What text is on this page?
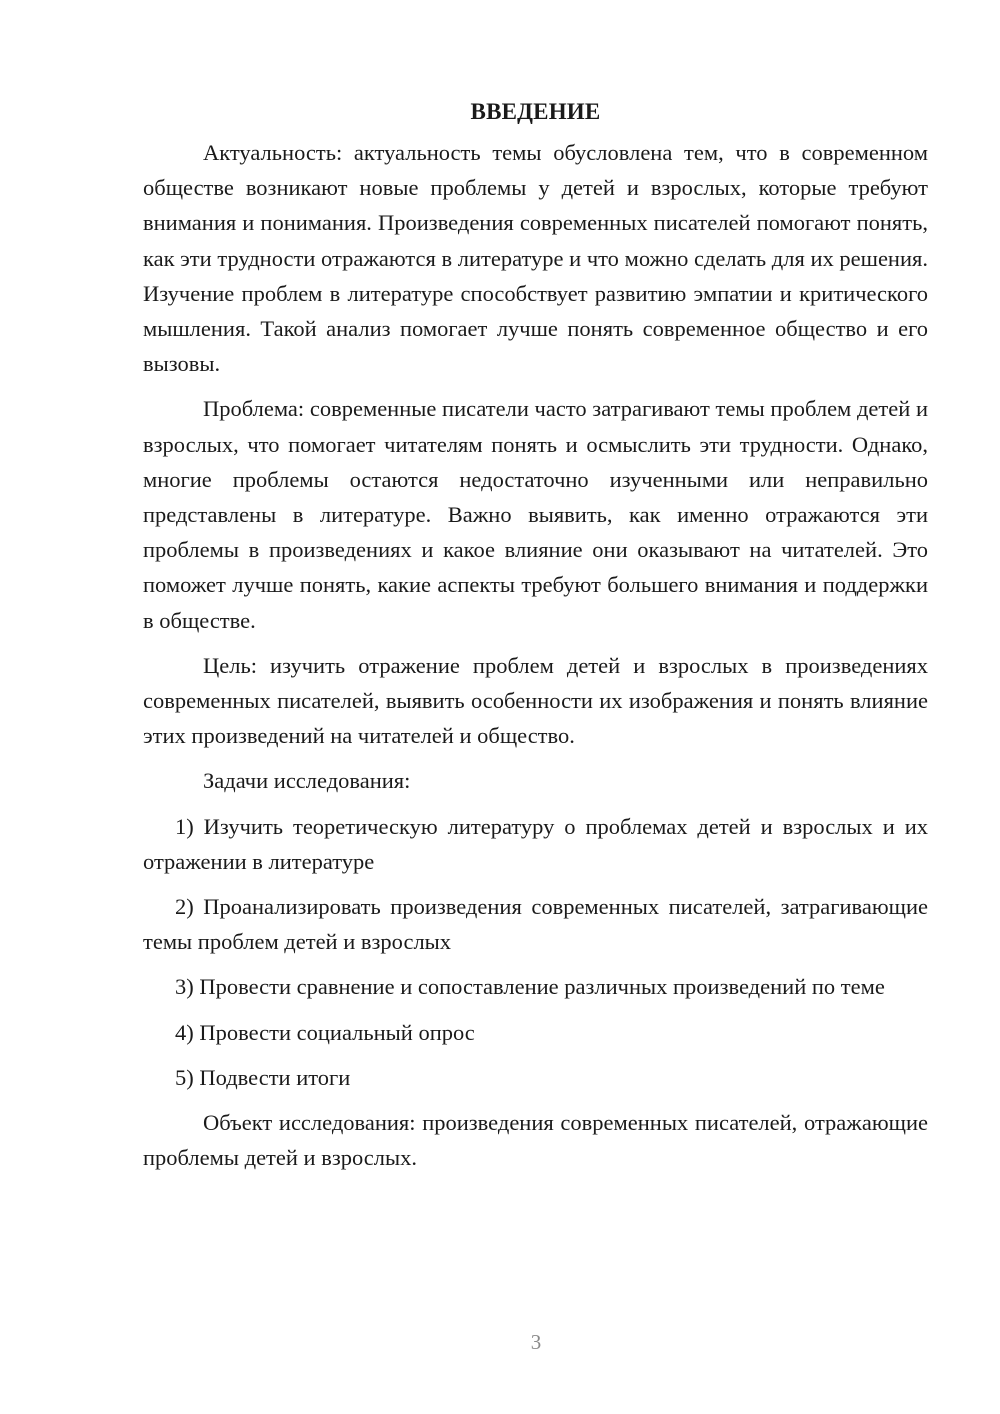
ВВЕДЕНИЕ

Актуальность: актуальность темы обусловлена тем, что в современном обществе возникают новые проблемы у детей и взрослых, которые требуют внимания и понимания. Произведения современных писателей помогают понять, как эти трудности отражаются в литературе и что можно сделать для их решения. Изучение проблем в литературе способствует развитию эмпатии и критического мышления. Такой анализ помогает лучше понять современное общество и его вызовы.

Проблема: современные писатели часто затрагивают темы проблем детей и взрослых, что помогает читателям понять и осмыслить эти трудности. Однако, многие проблемы остаются недостаточно изученными или неправильно представлены в литературе. Важно выявить, как именно отражаются эти проблемы в произведениях и какое влияние они оказывают на читателей. Это поможет лучше понять, какие аспекты требуют большего внимания и поддержки в обществе.

Цель: изучить отражение проблем детей и взрослых в произведениях современных писателей, выявить особенности их изображения и понять влияние этих произведений на читателей и общество.

Задачи исследования:

1) Изучить теоретическую литературу о проблемах детей и взрослых и их отражении в литературе

2) Проанализировать произведения современных писателей, затрагивающие темы проблем детей и взрослых

3) Провести сравнение и сопоставление различных произведений по теме

4) Провести социальный опрос

5) Подвести итоги

Объект исследования: произведения современных писателей, отражающие проблемы детей и взрослых.

3
